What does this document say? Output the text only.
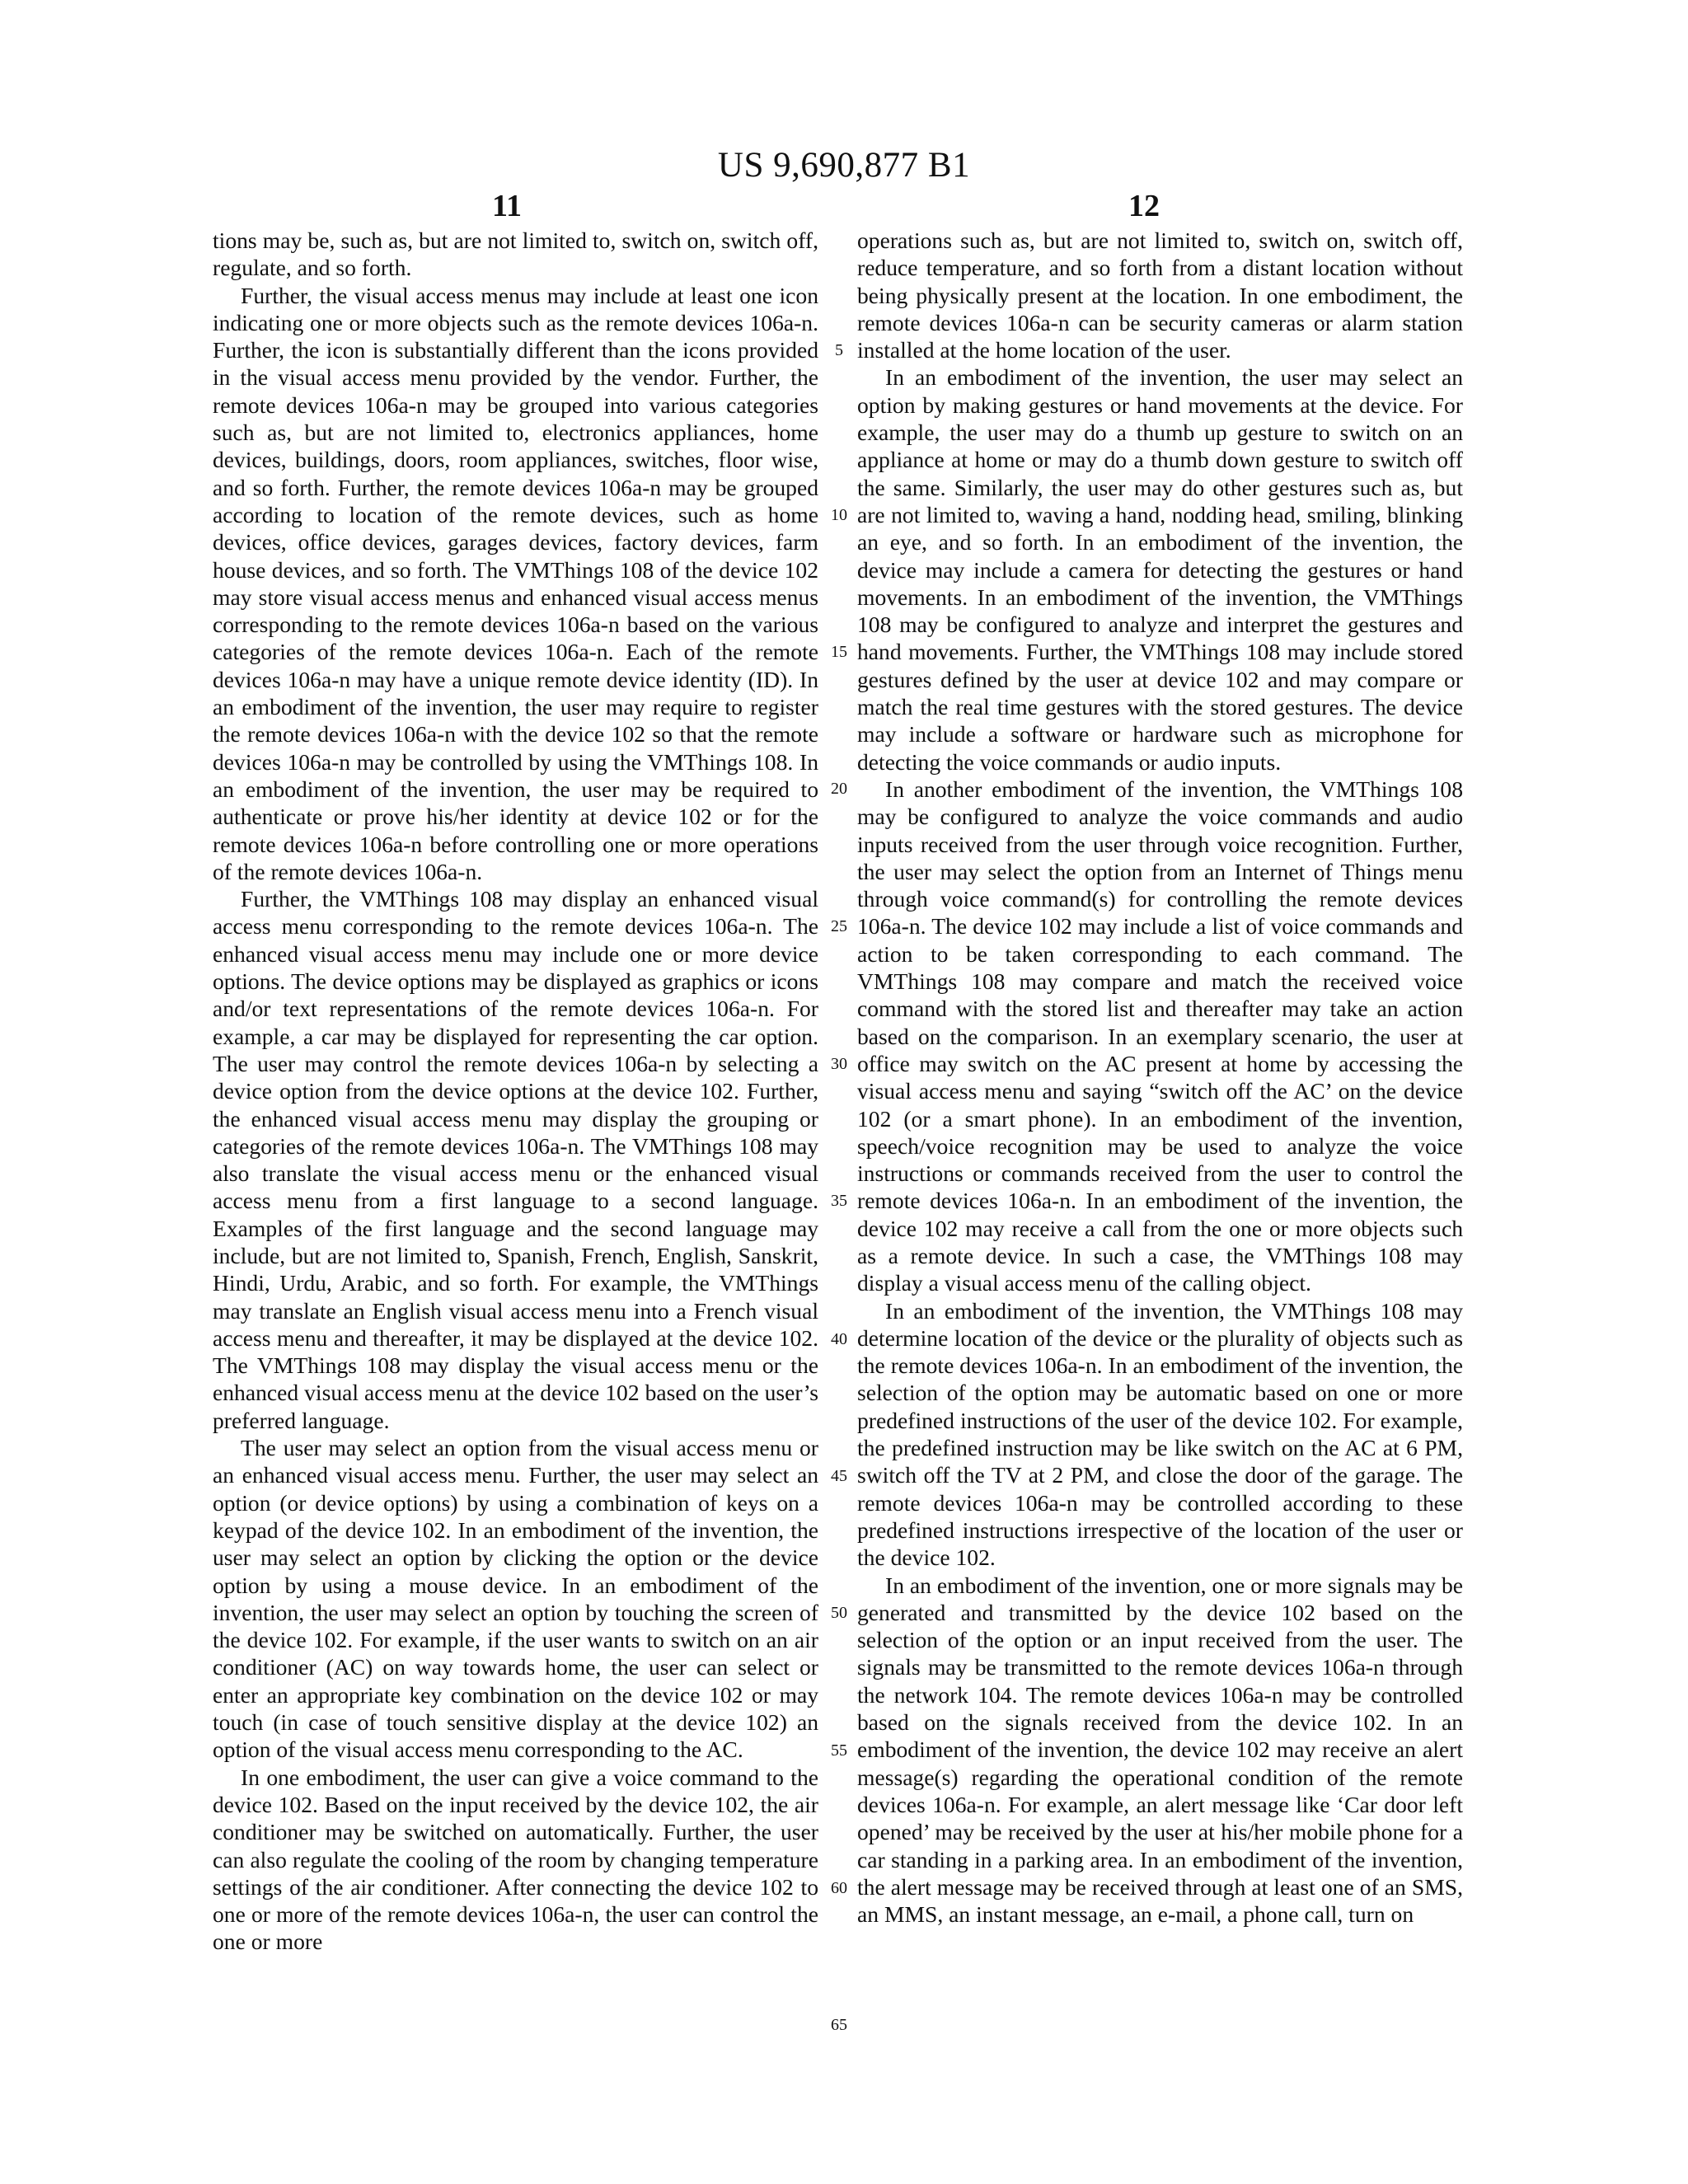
US 9,690,877 B1
11	12

tions may be, such as, but are not limited to, switch on, switch off, regulate, and so forth.

Further, the visual access menus may include at least one icon indicating one or more objects such as the remote devices 106a-n. Further, the icon is substantially different than the icons provided in the visual access menu provided by the vendor. Further, the remote devices 106a-n may be grouped into various categories such as, but are not limited to, electronics appliances, home devices, buildings, doors, room appliances, switches, floor wise, and so forth. Further, the remote devices 106a-n may be grouped according to location of the remote devices, such as home devices, office devices, garages devices, factory devices, farm house devices, and so forth. The VMThings 108 of the device 102 may store visual access menus and enhanced visual access menus corresponding to the remote devices 106a-n based on the various categories of the remote devices 106a-n. Each of the remote devices 106a-n may have a unique remote device identity (ID). In an embodiment of the invention, the user may require to register the remote devices 106a-n with the device 102 so that the remote devices 106a-n may be controlled by using the VMThings 108. In an embodiment of the invention, the user may be required to authenticate or prove his/her identity at device 102 or for the remote devices 106a-n before controlling one or more operations of the remote devices 106a-n.

Further, the VMThings 108 may display an enhanced visual access menu corresponding to the remote devices 106a-n. The enhanced visual access menu may include one or more device options. The device options may be displayed as graphics or icons and/or text representations of the remote devices 106a-n. For example, a car may be displayed for representing the car option. The user may control the remote devices 106a-n by selecting a device option from the device options at the device 102. Further, the enhanced visual access menu may display the grouping or categories of the remote devices 106a-n. The VMThings 108 may also translate the visual access menu or the enhanced visual access menu from a first language to a second language. Examples of the first language and the second language may include, but are not limited to, Spanish, French, English, Sanskrit, Hindi, Urdu, Arabic, and so forth. For example, the VMThings may translate an English visual access menu into a French visual access menu and thereafter, it may be displayed at the device 102. The VMThings 108 may display the visual access menu or the enhanced visual access menu at the device 102 based on the user’s preferred language.

The user may select an option from the visual access menu or an enhanced visual access menu. Further, the user may select an option (or device options) by using a combination of keys on a keypad of the device 102. In an embodiment of the invention, the user may select an option by clicking the option or the device option by using a mouse device. In an embodiment of the invention, the user may select an option by touching the screen of the device 102. For example, if the user wants to switch on an air conditioner (AC) on way towards home, the user can select or enter an appropriate key combination on the device 102 or may touch (in case of touch sensitive display at the device 102) an option of the visual access menu corresponding to the AC.

In one embodiment, the user can give a voice command to the device 102. Based on the input received by the device 102, the air conditioner may be switched on automatically. Further, the user can also regulate the cooling of the room by changing temperature settings of the air conditioner. After connecting the device 102 to one or more of the remote devices 106a-n, the user can control the one or more

5
10
15
20
25
30
35
40
45
50
55
60
65

operations such as, but are not limited to, switch on, switch off, reduce temperature, and so forth from a distant location without being physically present at the location. In one embodiment, the remote devices 106a-n can be security cameras or alarm station installed at the home location of the user.

In an embodiment of the invention, the user may select an option by making gestures or hand movements at the device. For example, the user may do a thumb up gesture to switch on an appliance at home or may do a thumb down gesture to switch off the same. Similarly, the user may do other gestures such as, but are not limited to, waving a hand, nodding head, smiling, blinking an eye, and so forth. In an embodiment of the invention, the device may include a camera for detecting the gestures or hand movements. In an embodiment of the invention, the VMThings 108 may be configured to analyze and interpret the gestures and hand movements. Further, the VMThings 108 may include stored gestures defined by the user at device 102 and may compare or match the real time gestures with the stored gestures. The device may include a software or hardware such as microphone for detecting the voice commands or audio inputs.

In another embodiment of the invention, the VMThings 108 may be configured to analyze the voice commands and audio inputs received from the user through voice recognition. Further, the user may select the option from an Internet of Things menu through voice command(s) for controlling the remote devices 106a-n. The device 102 may include a list of voice commands and action to be taken corresponding to each command. The VMThings 108 may compare and match the received voice command with the stored list and thereafter may take an action based on the comparison. In an exemplary scenario, the user at office may switch on the AC present at home by accessing the visual access menu and saying “switch off the AC’ on the device 102 (or a smart phone). In an embodiment of the invention, speech/voice recognition may be used to analyze the voice instructions or commands received from the user to control the remote devices 106a-n. In an embodiment of the invention, the device 102 may receive a call from the one or more objects such as a remote device. In such a case, the VMThings 108 may display a visual access menu of the calling object.

In an embodiment of the invention, the VMThings 108 may determine location of the device or the plurality of objects such as the remote devices 106a-n. In an embodiment of the invention, the selection of the option may be automatic based on one or more predefined instructions of the user of the device 102. For example, the predefined instruction may be like switch on the AC at 6 PM, switch off the TV at 2 PM, and close the door of the garage. The remote devices 106a-n may be controlled according to these predefined instructions irrespective of the location of the user or the device 102.

In an embodiment of the invention, one or more signals may be generated and transmitted by the device 102 based on the selection of the option or an input received from the user. The signals may be transmitted to the remote devices 106a-n through the network 104. The remote devices 106a-n may be controlled based on the signals received from the device 102. In an embodiment of the invention, the device 102 may receive an alert message(s) regarding the operational condition of the remote devices 106a-n. For example, an alert message like ‘Car door left opened’ may be received by the user at his/her mobile phone for a car standing in a parking area. In an embodiment of the invention, the alert message may be received through at least one of an SMS, an MMS, an instant message, an e-mail, a phone call, turn on
